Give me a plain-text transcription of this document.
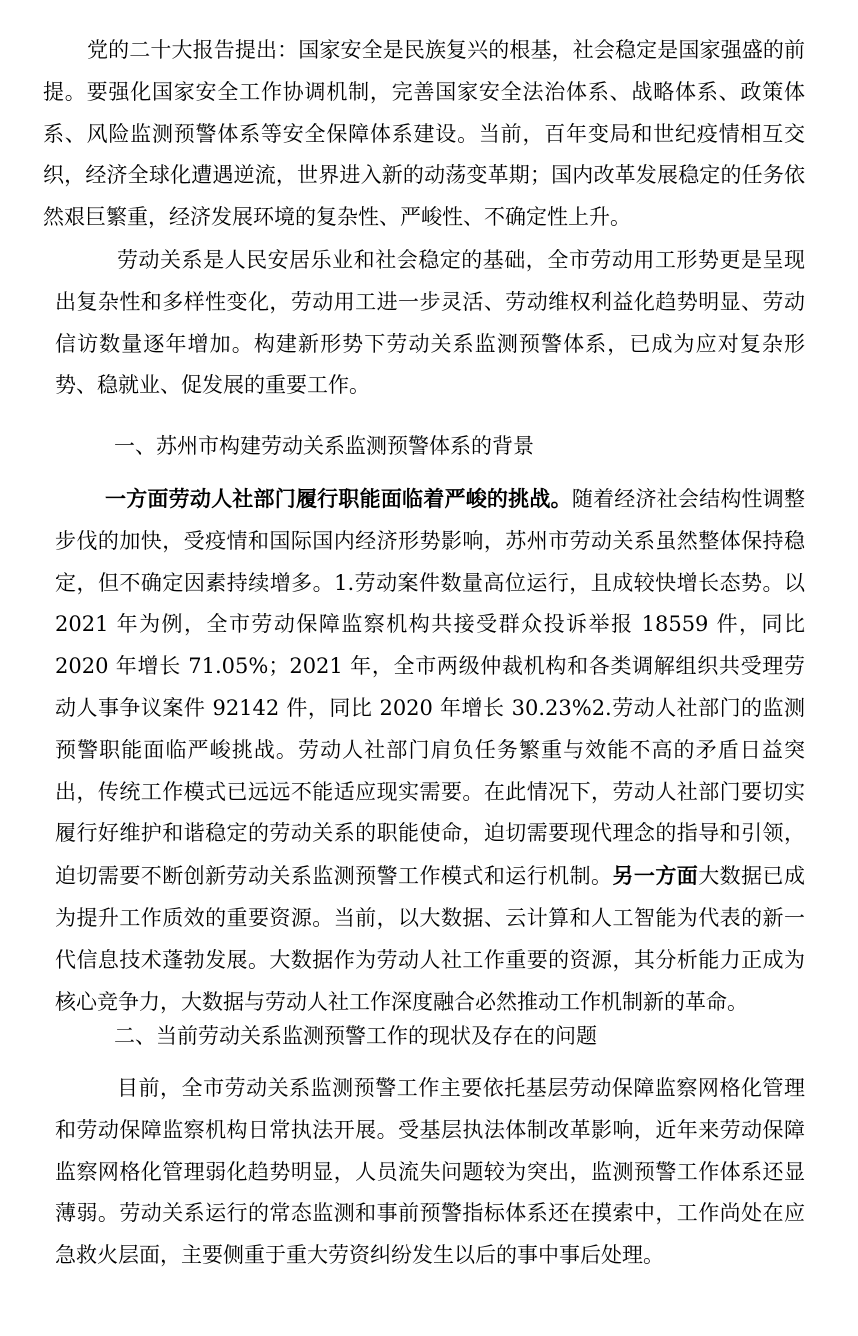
党的二十大报告提出：国家安全是民族复兴的根基，社会稳定是国家强盛的前提。要强化国家安全工作协调机制，完善国家安全法治体系、战略体系、政策体系、风险监测预警体系等安全保障体系建设。当前，百年变局和世纪疫情相互交织，经济全球化遭遇逆流，世界进入新的动荡变革期；国内改革发展稳定的任务依然艰巨繁重，经济发展环境的复杂性、严峻性、不确定性上升。

劳动关系是人民安居乐业和社会稳定的基础，全市劳动用工形势更是呈现出复杂性和多样性变化，劳动用工进一步灵活、劳动维权利益化趋势明显、劳动信访数量逐年增加。构建新形势下劳动关系监测预警体系，已成为应对复杂形势、稳就业、促发展的重要工作。

一、苏州市构建劳动关系监测预警体系的背景

一方面劳动人社部门履行职能面临着严峻的挑战。随着经济社会结构性调整步伐的加快，受疫情和国际国内经济形势影响，苏州市劳动关系虽然整体保持稳定，但不确定因素持续增多。1.劳动案件数量高位运行，且成较快增长态势。以 2021 年为例，全市劳动保障监察机构共接受群众投诉举报 18559 件，同比 2020 年增长 71.05%；2021 年，全市两级仲裁机构和各类调解组织共受理劳动人事争议案件 92142 件，同比 2020 年增长 30.23%2.劳动人社部门的监测预警职能面临严峻挑战。劳动人社部门肩负任务繁重与效能不高的矛盾日益突出，传统工作模式已远远不能适应现实需要。在此情况下，劳动人社部门要切实履行好维护和谐稳定的劳动关系的职能使命，迫切需要现代理念的指导和引领，迫切需要不断创新劳动关系监测预警工作模式和运行机制。另一方面大数据已成为提升工作质效的重要资源。当前，以大数据、云计算和人工智能为代表的新一代信息技术蓬勃发展。大数据作为劳动人社工作重要的资源，其分析能力正成为核心竞争力，大数据与劳动人社工作深度融合必然推动工作机制新的革命。

二、当前劳动关系监测预警工作的现状及存在的问题

目前，全市劳动关系监测预警工作主要依托基层劳动保障监察网格化管理和劳动保障监察机构日常执法开展。受基层执法体制改革影响，近年来劳动保障监察网格化管理弱化趋势明显，人员流失问题较为突出，监测预警工作体系还显薄弱。劳动关系运行的常态监测和事前预警指标体系还在摸索中，工作尚处在应急救火层面，主要侧重于重大劳资纠纷发生以后的事中事后处理。
